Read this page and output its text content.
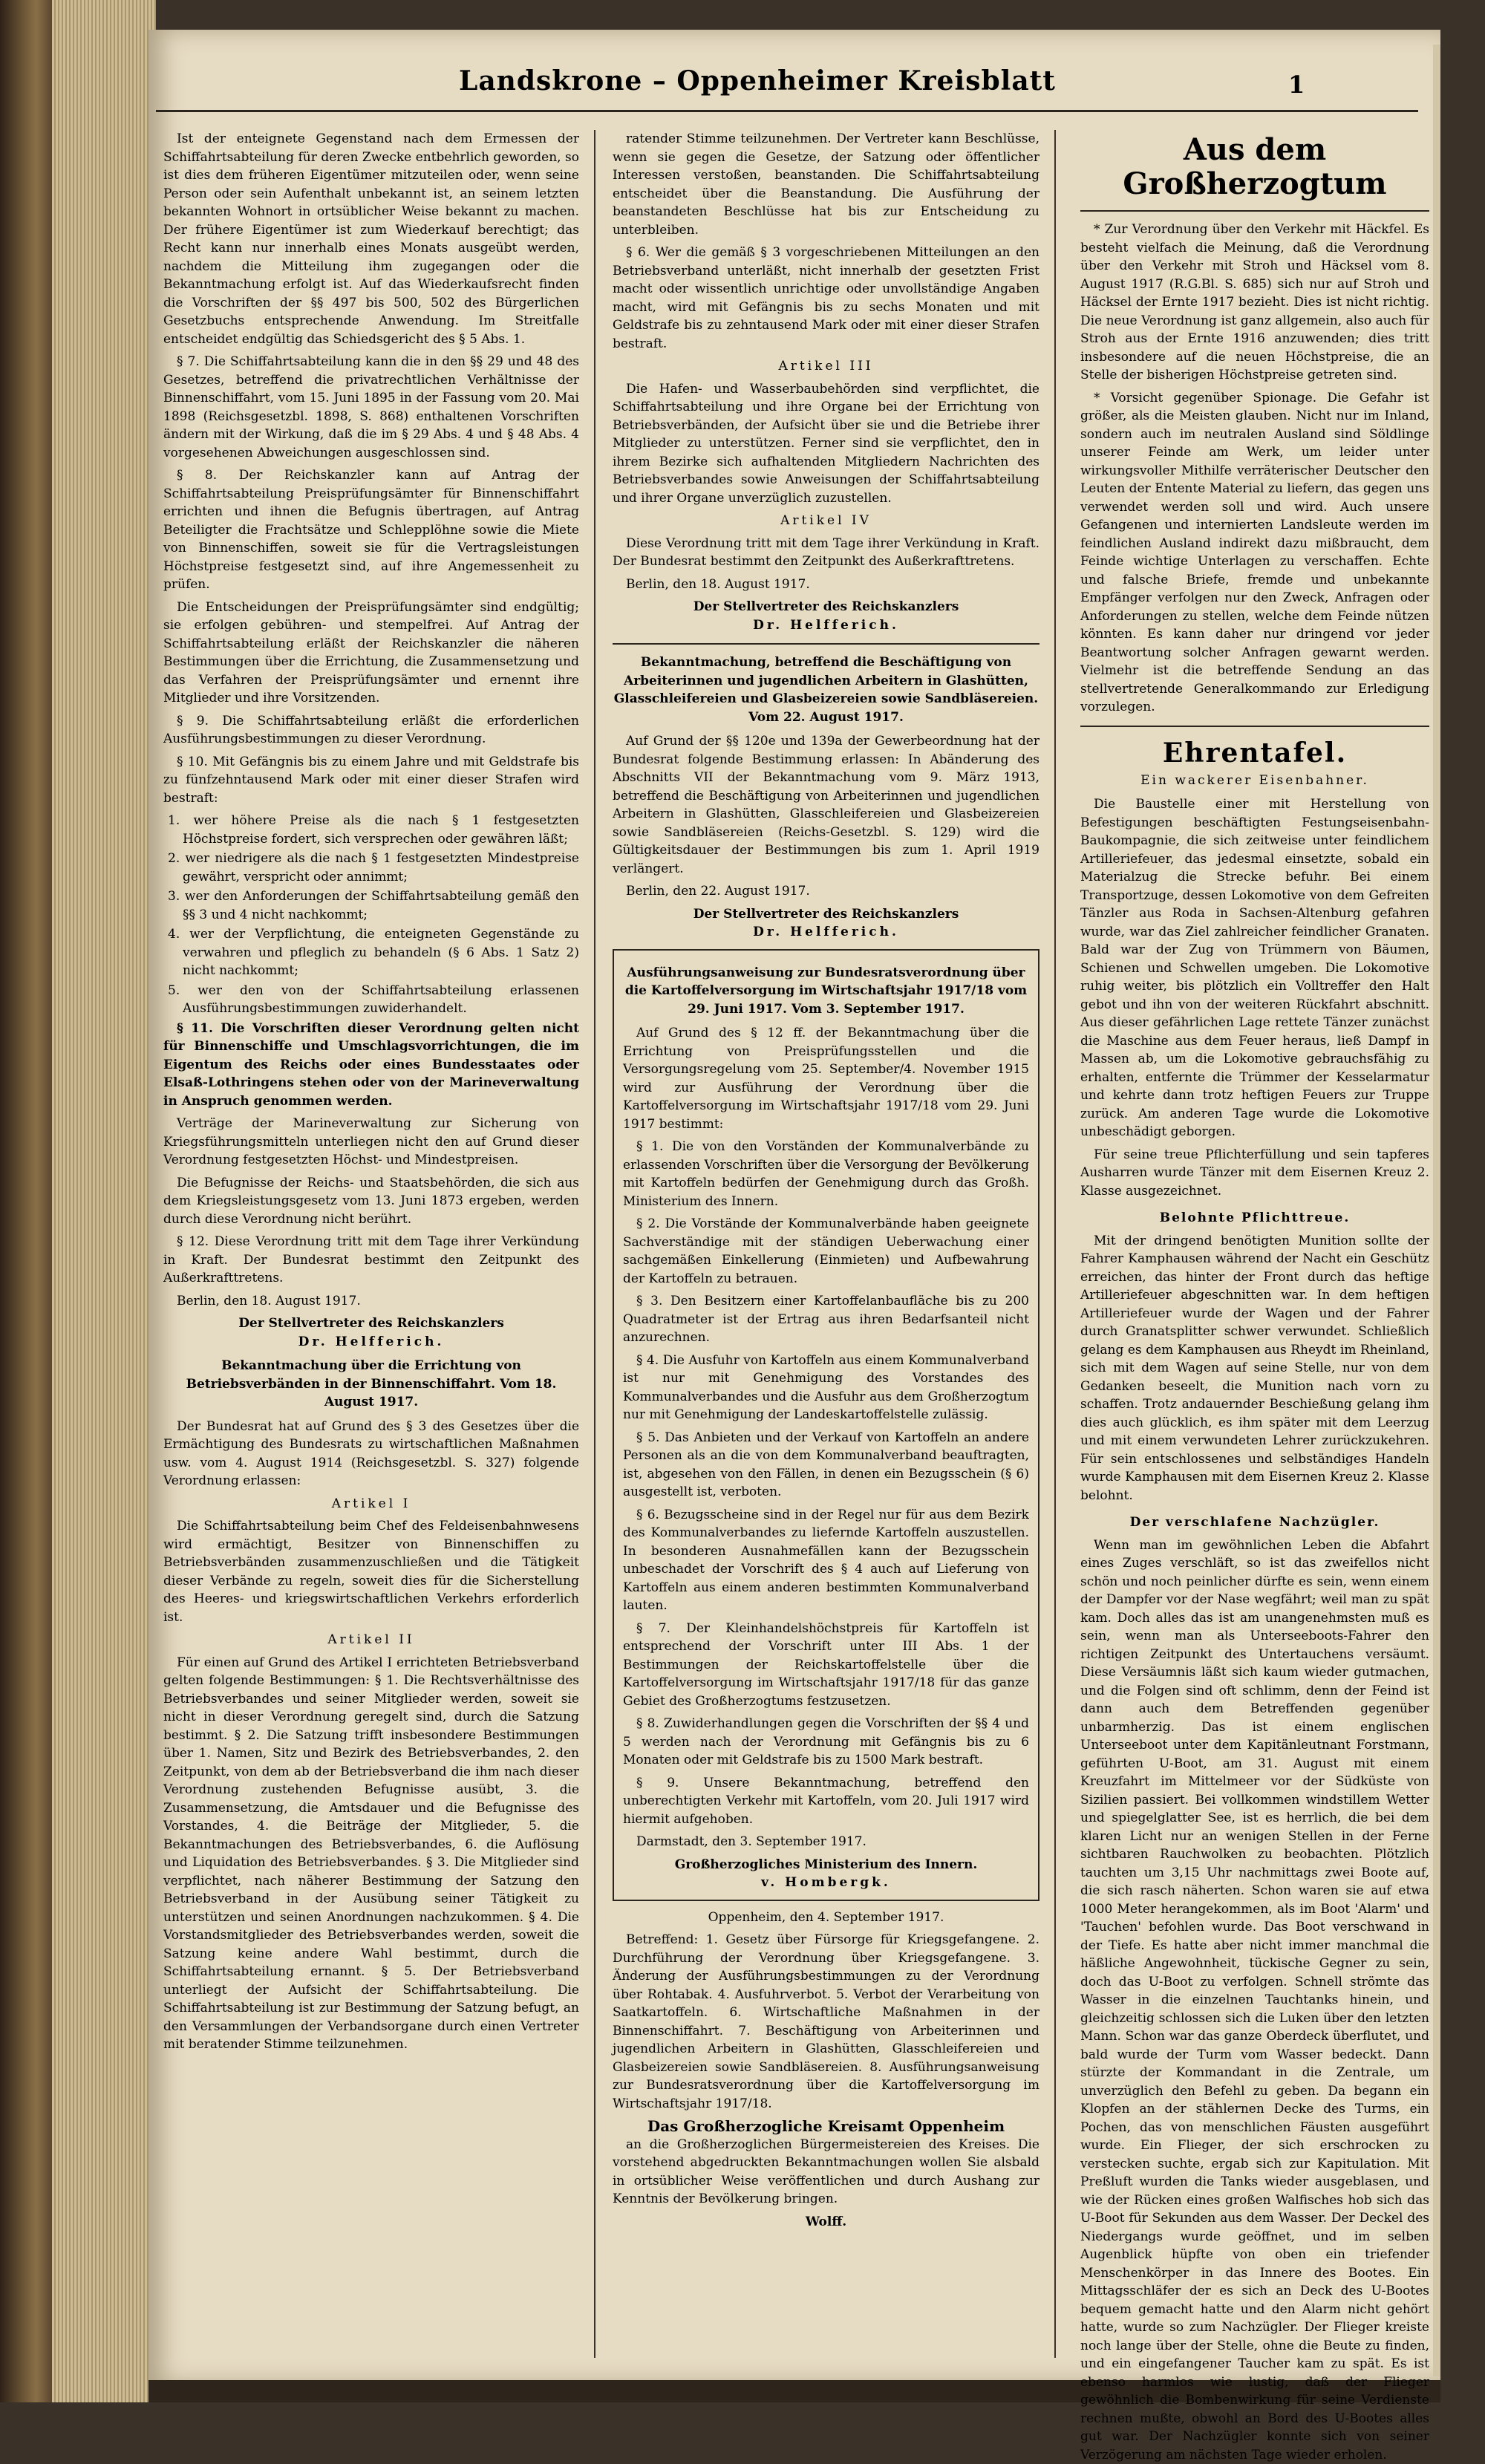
Landskrone – Oppenheimer Kreisblatt	1

Ist der enteignete Gegenstand nach dem Ermessen der Schiffahrtsabteilung für deren Zwecke entbehrlich geworden, so ist dies dem früheren Eigentümer mitzuteilen oder, wenn seine Person oder sein Aufenthalt unbekannt ist, an seinem letzten bekannten Wohnort in ortsüblicher Weise bekannt zu machen. Der frühere Eigentümer ist zum Wiederkauf berechtigt; das Recht kann nur innerhalb eines Monats ausgeübt werden, nachdem die Mitteilung ihm zugegangen oder die Bekanntmachung erfolgt ist. Auf das Wiederkaufsrecht finden die Vorschriften der §§ 497 bis 500, 502 des Bürgerlichen Gesetzbuchs entsprechende Anwendung. Im Streitfalle entscheidet endgültig das Schiedsgericht des § 5 Abs. 1.

§ 7. Die Schiffahrtsabteilung kann die in den §§ 29 und 48 des Gesetzes, betreffend die privatrechtlichen Verhältnisse der Binnenschiffahrt, vom 15. Juni 1895 in der Fassung vom 20. Mai 1898 (Reichsgesetzbl. 1898, S. 868) enthaltenen Vorschriften ändern mit der Wirkung, daß die im § 29 Abs. 4 und § 48 Abs. 4 vorgesehenen Abweichungen ausgeschlossen sind.

§ 8. Der Reichskanzler kann auf Antrag der Schiffahrtsabteilung Preisprüfungsämter für Binnenschiffahrt errichten und ihnen die Befugnis übertragen, auf Antrag Beteiligter die Frachtsätze und Schlepplöhne sowie die Miete von Binnenschiffen, soweit sie für die Vertragsleistungen Höchstpreise festgesetzt sind, auf ihre Angemessenheit zu prüfen.

Die Entscheidungen der Preisprüfungsämter sind endgültig; sie erfolgen gebühren- und stempelfrei. Auf Antrag der Schiffahrtsabteilung erläßt der Reichskanzler die näheren Bestimmungen über die Errichtung, die Zusammensetzung und das Verfahren der Preisprüfungsämter und ernennt ihre Mitglieder und ihre Vorsitzenden.

§ 9. Die Schiffahrtsabteilung erläßt die erforderlichen Ausführungsbestimmungen zu dieser Verordnung.

§ 10. Mit Gefängnis bis zu einem Jahre und mit Geldstrafe bis zu fünfzehntausend Mark oder mit einer dieser Strafen wird bestraft:

1. wer höhere Preise als die nach § 1 festgesetzten Höchstpreise fordert, sich versprechen oder gewähren läßt;
2. wer niedrigere als die nach § 1 festgesetzten Mindestpreise gewährt, verspricht oder annimmt;
3. wer den Anforderungen der Schiffahrtsabteilung gemäß den §§ 3 und 4 nicht nachkommt;
4. wer der Verpflichtung, die enteigneten Gegenstände zu verwahren und pfleglich zu behandeln (§ 6 Abs. 1 Satz 2) nicht nachkommt;
5. wer den von der Schiffahrtsabteilung erlassenen Ausführungsbestimmungen zuwiderhandelt.

§ 11. Die Vorschriften dieser Verordnung gelten nicht für Binnenschiffe und Umschlagsvorrichtungen, die im Eigentum des Reichs oder eines Bundesstaates oder Elsaß-Lothringens stehen oder von der Marineverwaltung in Anspruch genommen werden.

Verträge der Marineverwaltung zur Sicherung von Kriegsführungsmitteln unterliegen nicht den auf Grund dieser Verordnung festgesetzten Höchst- und Mindestpreisen.

Die Befugnisse der Reichs- und Staatsbehörden, die sich aus dem Kriegsleistungsgesetz vom 13. Juni 1873 ergeben, werden durch diese Verordnung nicht berührt.

§ 12. Diese Verordnung tritt mit dem Tage ihrer Verkündung in Kraft. Der Bundesrat bestimmt den Zeitpunkt des Außerkrafttretens.

Berlin, den 18. August 1917.

Der Stellvertreter des Reichskanzlers
Dr. Helfferich.
Bekanntmachung über die Errichtung von Betriebsverbänden in der Binnenschiffahrt. Vom 18. August 1917.

Der Bundesrat hat auf Grund des § 3 des Gesetzes über die Ermächtigung des Bundesrats zu wirtschaftlichen Maßnahmen usw. vom 4. August 1914 (Reichsgesetzbl. S. 327) folgende Verordnung erlassen:

Artikel I

Die Schiffahrtsabteilung beim Chef des Feldeisenbahnwesens wird ermächtigt, Besitzer von Binnenschiffen zu Betriebsverbänden zusammenzuschließen und die Tätigkeit dieser Verbände zu regeln, soweit dies für die Sicherstellung des Heeres- und kriegswirtschaftlichen Verkehrs erforderlich ist.

Artikel II

Für einen auf Grund des Artikel I errichteten Betriebsverband gelten folgende Bestimmungen: § 1. Die Rechtsverhältnisse des Betriebsverbandes und seiner Mitglieder werden, soweit sie nicht in dieser Verordnung geregelt sind, durch die Satzung bestimmt. § 2. Die Satzung trifft insbesondere Bestimmungen über 1. Namen, Sitz und Bezirk des Betriebsverbandes, 2. den Zeitpunkt, von dem ab der Betriebsverband die ihm nach dieser Verordnung zustehenden Befugnisse ausübt, 3. die Zusammensetzung, die Amtsdauer und die Befugnisse des Vorstandes, 4. die Beiträge der Mitglieder, 5. die Bekanntmachungen des Betriebsverbandes, 6. die Auflösung und Liquidation des Betriebsverbandes. § 3. Die Mitglieder sind verpflichtet, nach näherer Bestimmung der Satzung den Betriebsverband in der Ausübung seiner Tätigkeit zu unterstützen und seinen Anordnungen nachzukommen. § 4. Die Vorstandsmitglieder des Betriebsverbandes werden, soweit die Satzung keine andere Wahl bestimmt, durch die Schiffahrtsabteilung ernannt. § 5. Der Betriebsverband unterliegt der Aufsicht der Schiffahrtsabteilung. Die Schiffahrtsabteilung ist zur Bestimmung der Satzung befugt, an den Versammlungen der Verbandsorgane durch einen Vertreter mit beratender Stimme teilzunehmen.

ratender Stimme teilzunehmen. Der Vertreter kann Beschlüsse, wenn sie gegen die Gesetze, der Satzung oder öffentlicher Interessen verstoßen, beanstanden. Die Schiffahrtsabteilung entscheidet über die Beanstandung. Die Ausführung der beanstandeten Beschlüsse hat bis zur Entscheidung zu unterbleiben.

§ 6. Wer die gemäß § 3 vorgeschriebenen Mitteilungen an den Betriebsverband unterläßt, nicht innerhalb der gesetzten Frist macht oder wissentlich unrichtige oder unvollständige Angaben macht, wird mit Gefängnis bis zu sechs Monaten und mit Geldstrafe bis zu zehntausend Mark oder mit einer dieser Strafen bestraft.

Artikel III

Die Hafen- und Wasserbaubehörden sind verpflichtet, die Schiffahrtsabteilung und ihre Organe bei der Errichtung von Betriebsverbänden, der Aufsicht über sie und die Betriebe ihrer Mitglieder zu unterstützen. Ferner sind sie verpflichtet, den in ihrem Bezirke sich aufhaltenden Mitgliedern Nachrichten des Betriebsverbandes sowie Anweisungen der Schiffahrtsabteilung und ihrer Organe unverzüglich zuzustellen.

Artikel IV

Diese Verordnung tritt mit dem Tage ihrer Verkündung in Kraft. Der Bundesrat bestimmt den Zeitpunkt des Außerkrafttretens.

Berlin, den 18. August 1917.

Der Stellvertreter des Reichskanzlers
Dr. Helfferich.
Bekanntmachung, betreffend die Beschäftigung von Arbeiterinnen und jugendlichen Arbeitern in Glashütten, Glasschleifereien und Glasbeizereien sowie Sandbläsereien. Vom 22. August 1917.

Auf Grund der §§ 120e und 139a der Gewerbeordnung hat der Bundesrat folgende Bestimmung erlassen: In Abänderung des Abschnitts VII der Bekanntmachung vom 9. März 1913, betreffend die Beschäftigung von Arbeiterinnen und jugendlichen Arbeitern in Glashütten, Glasschleifereien und Glasbeizereien sowie Sandbläsereien (Reichs-Gesetzbl. S. 129) wird die Gültigkeitsdauer der Bestimmungen bis zum 1. April 1919 verlängert.

Berlin, den 22. August 1917.

Der Stellvertreter des Reichskanzlers
Dr. Helfferich.
Ausführungsanweisung zur Bundesratsverordnung über die Kartoffelversorgung im Wirtschaftsjahr 1917/18 vom 29. Juni 1917. Vom 3. September 1917.

Auf Grund des § 12 ff. der Bekanntmachung über die Errichtung von Preisprüfungsstellen und die Versorgungsregelung vom 25. September/4. November 1915 wird zur Ausführung der Verordnung über die Kartoffelversorgung im Wirtschaftsjahr 1917/18 vom 29. Juni 1917 bestimmt:

§ 1. Die von den Vorständen der Kommunalverbände zu erlassenden Vorschriften über die Versorgung der Bevölkerung mit Kartoffeln bedürfen der Genehmigung durch das Großh. Ministerium des Innern.

§ 2. Die Vorstände der Kommunalverbände haben geeignete Sachverständige mit der ständigen Ueberwachung einer sachgemäßen Einkellerung (Einmieten) und Aufbewahrung der Kartoffeln zu betrauen.

§ 3. Den Besitzern einer Kartoffelanbaufläche bis zu 200 Quadratmeter ist der Ertrag aus ihren Bedarfsanteil nicht anzurechnen.

§ 4. Die Ausfuhr von Kartoffeln aus einem Kommunalverband ist nur mit Genehmigung des Vorstandes des Kommunalverbandes und die Ausfuhr aus dem Großherzogtum nur mit Genehmigung der Landeskartoffelstelle zulässig.

§ 5. Das Anbieten und der Verkauf von Kartoffeln an andere Personen als an die von dem Kommunalverband beauftragten, ist, abgesehen von den Fällen, in denen ein Bezugsschein (§ 6) ausgestellt ist, verboten.

§ 6. Bezugsscheine sind in der Regel nur für aus dem Bezirk des Kommunalverbandes zu liefernde Kartoffeln auszustellen. In besonderen Ausnahmefällen kann der Bezugsschein unbeschadet der Vorschrift des § 4 auch auf Lieferung von Kartoffeln aus einem anderen bestimmten Kommunalverband lauten.

§ 7. Der Kleinhandelshöchstpreis für Kartoffeln ist entsprechend der Vorschrift unter III Abs. 1 der Bestimmungen der Reichskartoffelstelle über die Kartoffelversorgung im Wirtschaftsjahr 1917/18 für das ganze Gebiet des Großherzogtums festzusetzen.

§ 8. Zuwiderhandlungen gegen die Vorschriften der §§ 4 und 5 werden nach der Verordnung mit Gefängnis bis zu 6 Monaten oder mit Geldstrafe bis zu 1500 Mark bestraft.

§ 9. Unsere Bekanntmachung, betreffend den unberechtigten Verkehr mit Kartoffeln, vom 20. Juli 1917 wird hiermit aufgehoben.

Darmstadt, den 3. September 1917.

Großherzogliches Ministerium des Innern.
v. Hombergk.
Oppenheim, den 4. September 1917.

Betreffend: 1. Gesetz über Fürsorge für Kriegsgefangene. 2. Durchführung der Verordnung über Kriegsgefangene. 3. Änderung der Ausführungsbestimmungen zu der Verordnung über Rohtabak. 4. Ausfuhrverbot. 5. Verbot der Verarbeitung von Saatkartoffeln. 6. Wirtschaftliche Maßnahmen in der Binnenschiffahrt. 7. Beschäftigung von Arbeiterinnen und jugendlichen Arbeitern in Glashütten, Glasschleifereien und Glasbeizereien sowie Sandbläsereien. 8. Ausführungsanweisung zur Bundesratsverordnung über die Kartoffelversorgung im Wirtschaftsjahr 1917/18.

Das Großherzogliche Kreisamt Oppenheim

an die Großherzoglichen Bürgermeistereien des Kreises. Die vorstehend abgedruckten Bekanntmachungen wollen Sie alsbald in ortsüblicher Weise veröffentlichen und durch Aushang zur Kenntnis der Bevölkerung bringen.

Wolff.
Aus dem Großherzogtum

* Zur Verordnung über den Verkehr mit Häckfel. Es besteht vielfach die Meinung, daß die Verordnung über den Verkehr mit Stroh und Häcksel vom 8. August 1917 (R.G.Bl. S. 685) sich nur auf Stroh und Häcksel der Ernte 1917 bezieht. Dies ist nicht richtig. Die neue Verordnung ist ganz allgemein, also auch für Stroh aus der Ernte 1916 anzuwenden; dies tritt insbesondere auf die neuen Höchstpreise, die an Stelle der bisherigen Höchstpreise getreten sind.

* Vorsicht gegenüber Spionage. Die Gefahr ist größer, als die Meisten glauben. Nicht nur im Inland, sondern auch im neutralen Ausland sind Söldlinge unserer Feinde am Werk, um leider unter wirkungsvoller Mithilfe verräterischer Deutscher den Leuten der Entente Material zu liefern, das gegen uns verwendet werden soll und wird. Auch unsere Gefangenen und internierten Landsleute werden im feindlichen Ausland indirekt dazu mißbraucht, dem Feinde wichtige Unterlagen zu verschaffen. Echte und falsche Briefe, fremde und unbekannte Empfänger verfolgen nur den Zweck, Anfragen oder Anforderungen zu stellen, welche dem Feinde nützen könnten. Es kann daher nur dringend vor jeder Beantwortung solcher Anfragen gewarnt werden. Vielmehr ist die betreffende Sendung an das stellvertretende Generalkommando zur Erledigung vorzulegen.

Ehrentafel.
Ein wackerer Eisenbahner.

Die Baustelle einer mit Herstellung von Befestigungen beschäftigten Festungseisenbahn-Baukompagnie, die sich zeitweise unter feindlichem Artilleriefeuer, das jedesmal einsetzte, sobald ein Materialzug die Strecke befuhr. Bei einem Transportzuge, dessen Lokomotive von dem Gefreiten Tänzler aus Roda in Sachsen-Altenburg gefahren wurde, war das Ziel zahlreicher feindlicher Granaten. Bald war der Zug von Trümmern von Bäumen, Schienen und Schwellen umgeben. Die Lokomotive ruhig weiter, bis plötzlich ein Volltreffer den Halt gebot und ihn von der weiteren Rückfahrt abschnitt. Aus dieser gefährlichen Lage rettete Tänzer zunächst die Maschine aus dem Feuer heraus, ließ Dampf in Massen ab, um die Lokomotive gebrauchsfähig zu erhalten, entfernte die Trümmer der Kesselarmatur und kehrte dann trotz heftigen Feuers zur Truppe zurück. Am anderen Tage wurde die Lokomotive unbeschädigt geborgen.

Für seine treue Pflichterfüllung und sein tapferes Ausharren wurde Tänzer mit dem Eisernen Kreuz 2. Klasse ausgezeichnet.

Belohnte Pflichttreue.

Mit der dringend benötigten Munition sollte der Fahrer Kamphausen während der Nacht ein Geschütz erreichen, das hinter der Front durch das heftige Artilleriefeuer abgeschnitten war. In dem heftigen Artilleriefeuer wurde der Wagen und der Fahrer durch Granatsplitter schwer verwundet. Schließlich gelang es dem Kamphausen aus Rheydt im Rheinland, sich mit dem Wagen auf seine Stelle, nur von dem Gedanken beseelt, die Munition nach vorn zu schaffen. Trotz andauernder Beschießung gelang ihm dies auch glücklich, es ihm später mit dem Leerzug und mit einem verwundeten Lehrer zurückzukehren. Für sein entschlossenes und selbständiges Handeln wurde Kamphausen mit dem Eisernen Kreuz 2. Klasse belohnt.

Der verschlafene Nachzügler.

Wenn man im gewöhnlichen Leben die Abfahrt eines Zuges verschläft, so ist das zweifellos nicht schön und noch peinlicher dürfte es sein, wenn einem der Dampfer vor der Nase wegfährt; weil man zu spät kam. Doch alles das ist am unangenehmsten muß es sein, wenn man als Unterseeboots-Fahrer den richtigen Zeitpunkt des Untertauchens versäumt. Diese Versäumnis läßt sich kaum wieder gutmachen, und die Folgen sind oft schlimm, denn der Feind ist dann auch dem Betreffenden gegenüber unbarmherzig. Das ist einem englischen Unterseeboot unter dem Kapitänleutnant Forstmann, geführten U-Boot, am 31. August mit einem Kreuzfahrt im Mittelmeer vor der Südküste von Sizilien passiert. Bei vollkommen windstillem Wetter und spiegelglatter See, ist es herrlich, die bei dem klaren Licht nur an wenigen Stellen in der Ferne sichtbaren Rauchwolken zu beobachten. Plötzlich tauchten um 3,15 Uhr nachmittags zwei Boote auf, die sich rasch näherten. Schon waren sie auf etwa 1000 Meter herangekommen, als im Boot 'Alarm' und 'Tauchen' befohlen wurde. Das Boot verschwand in der Tiefe. Es hatte aber nicht immer manchmal die häßliche Angewohnheit, tückische Gegner zu sein, doch das U-Boot zu verfolgen. Schnell strömte das Wasser in die einzelnen Tauchtanks hinein, und gleichzeitig schlossen sich die Luken über den letzten Mann. Schon war das ganze Oberdeck überflutet, und bald wurde der Turm vom Wasser bedeckt. Dann stürzte der Kommandant in die Zentrale, um unverzüglich den Befehl zu geben. Da begann ein Klopfen an der stählernen Decke des Turms, ein Pochen, das von menschlichen Fäusten ausgeführt wurde. Ein Flieger, der sich erschrocken zu verstecken suchte, ergab sich zur Kapitulation. Mit Preßluft wurden die Tanks wieder ausgeblasen, und wie der Rücken eines großen Walfisches hob sich das U-Boot für Sekunden aus dem Wasser. Der Deckel des Niedergangs wurde geöffnet, und im selben Augenblick hüpfte von oben ein triefender Menschenkörper in das Innere des Bootes. Ein Mittagsschläfer der es sich an Deck des U-Bootes bequem gemacht hatte und den Alarm nicht gehört hatte, wurde so zum Nachzügler. Der Flieger kreiste noch lange über der Stelle, ohne die Beute zu finden, und ein eingefangener Taucher kam zu spät. Es ist ebenso harmlos wie lustig, daß der Flieger gewöhnlich die Bombenwirkung für seine Verdienste rechnen mußte, obwohl an Bord des U-Bootes alles gut war. Der Nachzügler konnte sich von seiner Verzögerung am nächsten Tage wieder erholen.
